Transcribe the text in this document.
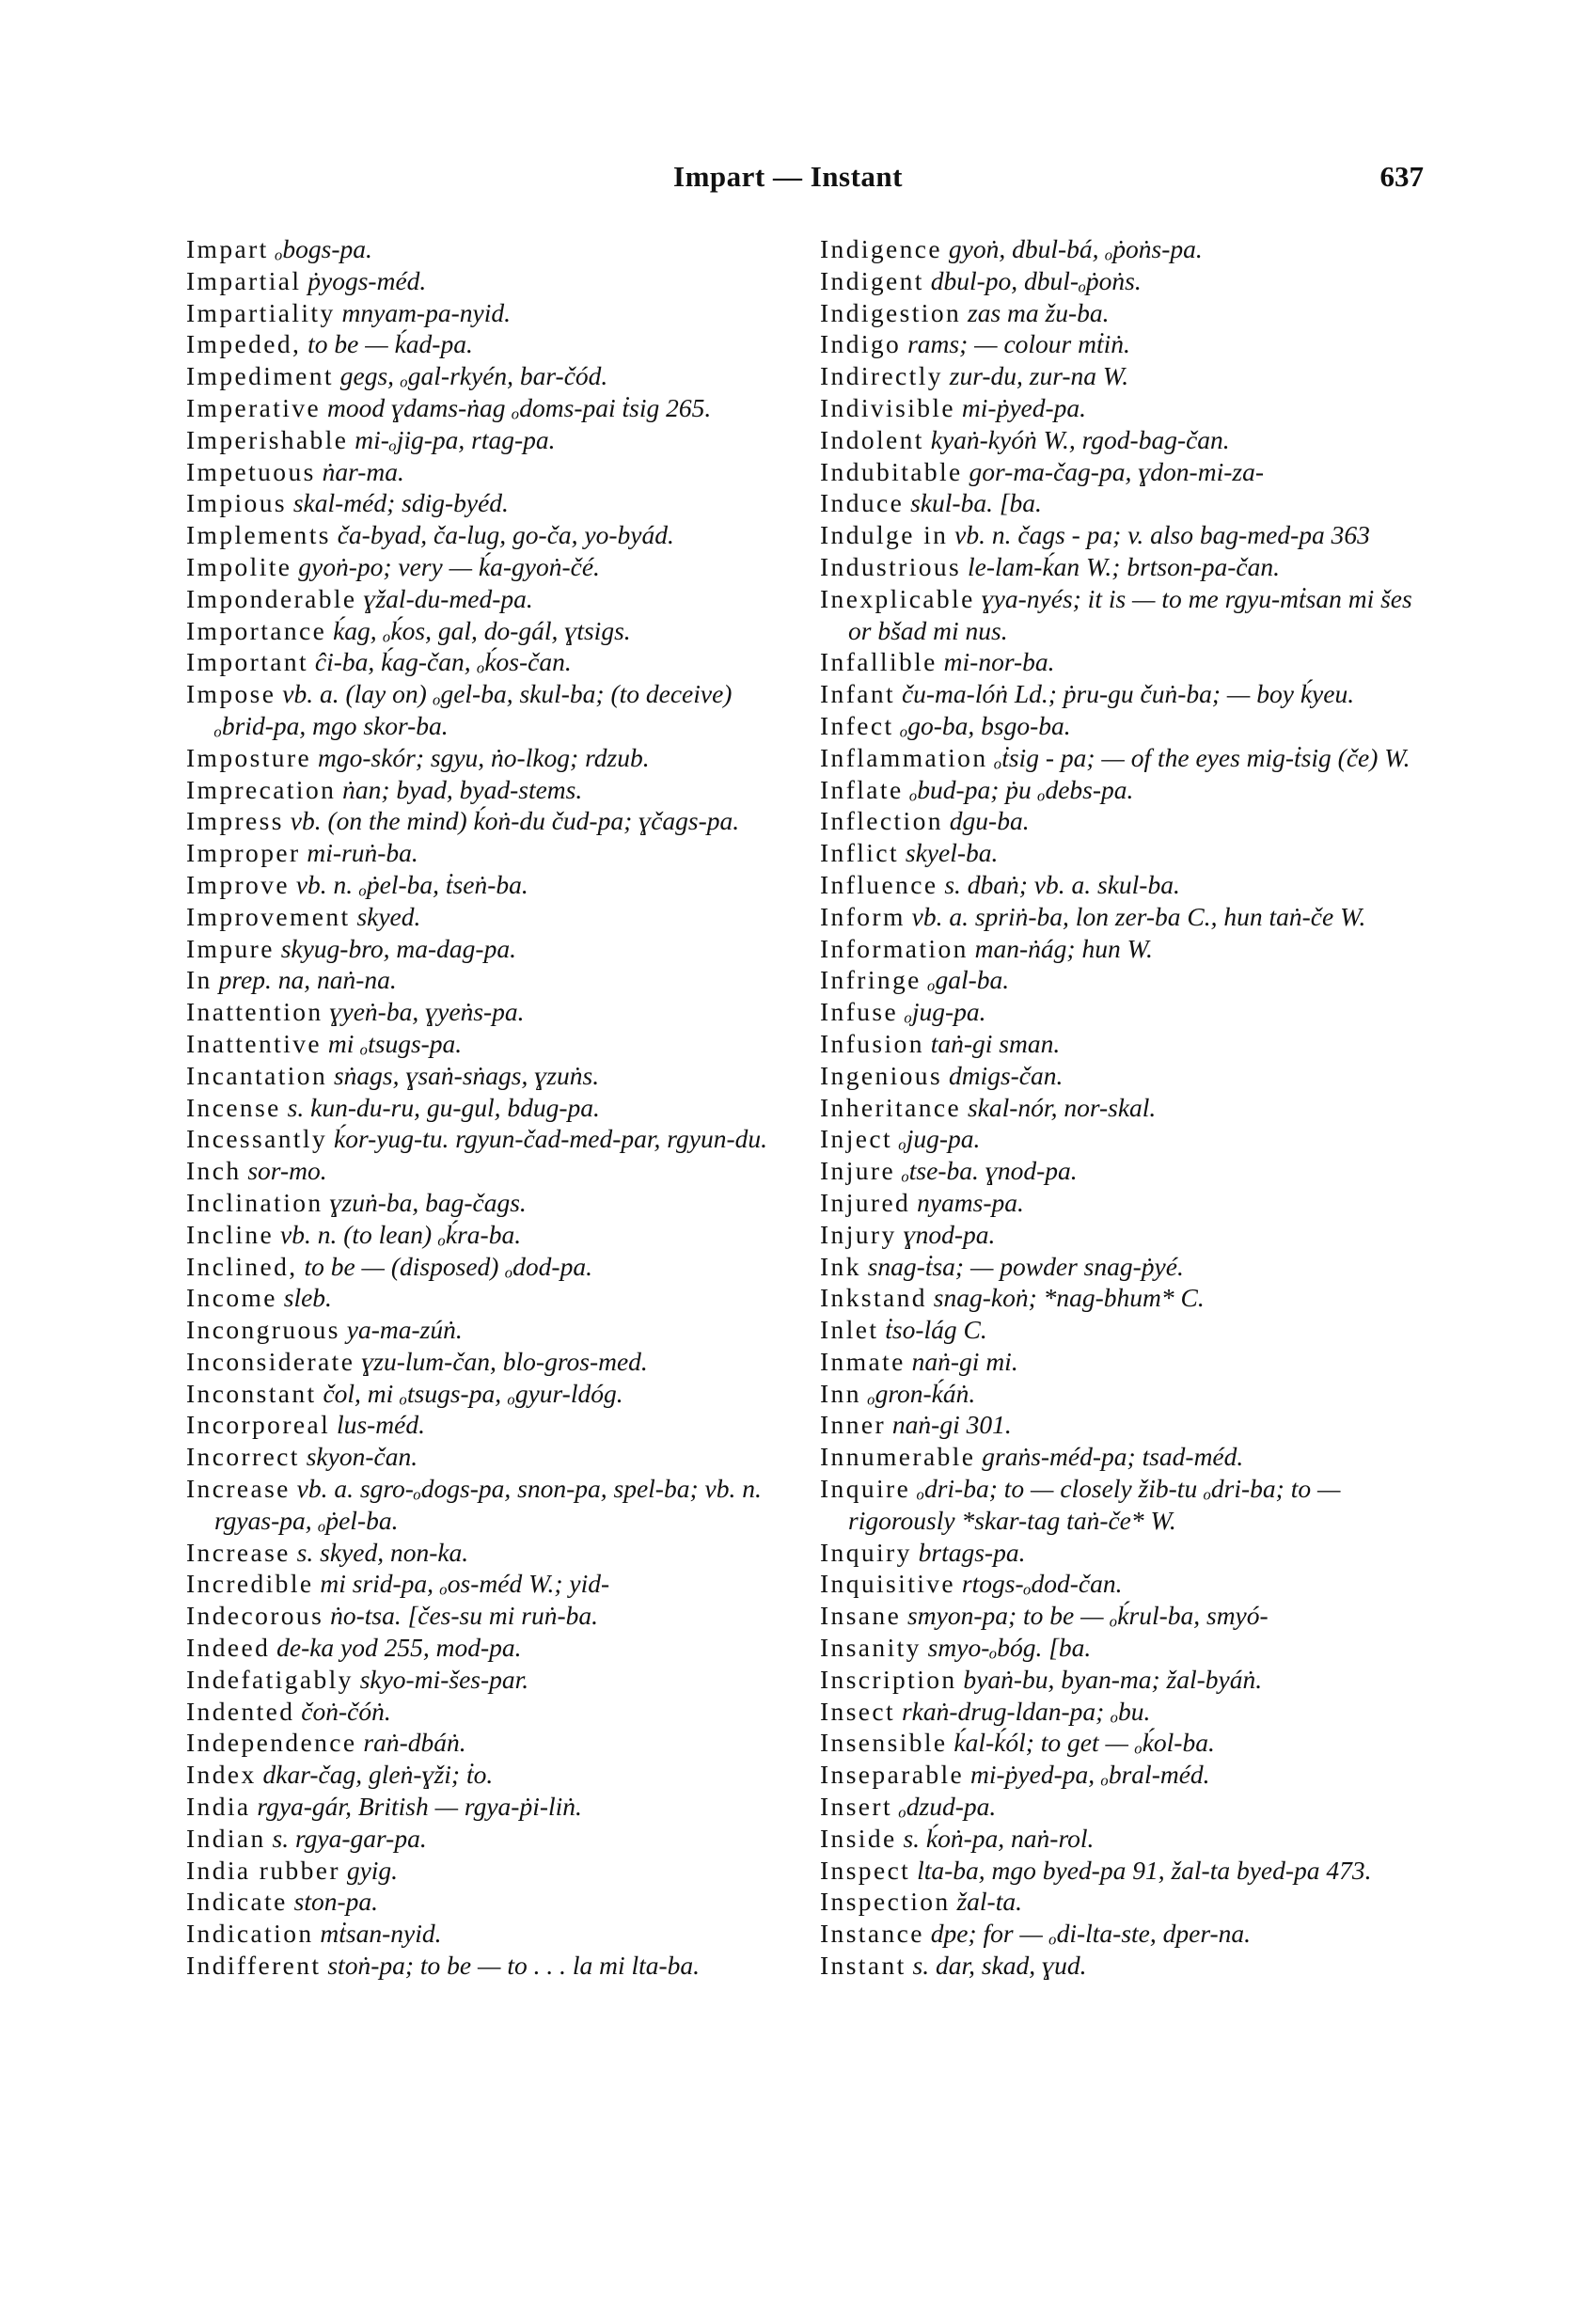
Impart — Instant	637

Impart ₒbogs-pa.

Impartial ṗyogs-méd.

Impartiality mnyam-pa-nyid.

Impeded, to be — ḱad-pa.

Impediment gegs, ₒgal-rkyén, bar-čód.

Imperative mood ɣdams-ṅag ₒdoms-pai ṫsig 265.

Imperishable mi-ₒjig-pa, rtag-pa.

Impetuous ṅar-ma.

Impious skal-méd; sdig-byéd.

Implements ča-byad, ča-lug, go-ča, yo-byád.

Impolite gyoṅ-po; very — ḱa-gyoṅ-čé.

Imponderable ɣžal-du-med-pa.

Importance ḱag, ₒḱos, gal, do-gál, ɣtsigs.

Important ĉi-ba, ḱag-čan, ₒḱos-čan.

Impose vb. a. (lay on) ₒgel-ba, skul-ba; (to deceive) ₒbrid-pa, mgo skor-ba.

Imposture mgo-skór; sgyu, ṅo-lkog; rdzub.

Imprecation ṅan; byad, byad-stems.

Impress vb. (on the mind) ḱoṅ-du čud-pa; ɣčags-pa.

Improper mi-ruṅ-ba.

Improve vb. n. ₒṗel-ba, ṫseṅ-ba.

Improvement skyed.

Impure skyug-bro, ma-dag-pa.

In prep. na, naṅ-na.

Inattention ɣyeṅ-ba, ɣyeṅs-pa.

Inattentive mi ₒtsugs-pa.

Incantation sṅags, ɣsaṅ-sṅags, ɣzuṅs.

Incense s. kun-du-ru, gu-gul, bdug-pa.

Incessantly ḱor-yug-tu. rgyun-čad-med-par, rgyun-du.

Inch sor-mo.

Inclination ɣzuṅ-ba, bag-čags.

Incline vb. n. (to lean) ₒḱra-ba.

Inclined, to be — (disposed) ₒdod-pa.

Income sleb.

Incongruous ya-ma-zúṅ.

Inconsiderate ɣzu-lum-čan, blo-gros-med.

Inconstant čol, mi ₒtsugs-pa, ₒgyur-ldóg.

Incorporeal lus-méd.

Incorrect skyon-čan.

Increase vb. a. sgro-ₒdogs-pa, snon-pa, spel-ba; vb. n. rgyas-pa, ₒṗel-ba.

Increase s. skyed, non-ka.

Incredible mi srid-pa, ₒos-méd W.; yid-

Indecorous ṅo-tsa. [čes-su mi ruṅ-ba.

Indeed de-ka yod 255, mod-pa.

Indefatigably skyo-mi-šes-par.

Indented čoṅ-čóṅ.

Independence raṅ-dbáṅ.

Index dkar-čag, gleṅ-ɣži; ṫo.

India rgya-gár, British — rgya-ṗi-liṅ.

Indian s. rgya-gar-pa.

India rubber gyig.

Indicate ston-pa.

Indication mṫsan-nyid.

Indifferent stoṅ-pa; to be — to . . . la mi lta-ba.

Indigence gyoṅ, dbul-bá, ₒṗoṅs-pa.

Indigent dbul-po, dbul-ₒṗoṅs.

Indigestion zas ma žu-ba.

Indigo rams; — colour mṫiṅ.

Indirectly zur-du, zur-na W.

Indivisible mi-ṗyed-pa.

Indolent kyaṅ-kyóṅ W., rgod-bag-čan.

Indubitable gor-ma-čag-pa, ɣdon-mi-za-

Induce skul-ba. [ba.

Indulge in vb. n. čags - pa; v. also bag-med-pa 363

Industrious le-lam-ḱan W.; brtson-pa-čan.

Inexplicable ɣya-nyés; it is — to me rgyu-mṫsan mi šes or bšad mi nus.

Infallible mi-nor-ba.

Infant ču-ma-lóṅ Ld.; ṗru-gu čuṅ-ba; — boy ḱyeu.

Infect ₒgo-ba, bsgo-ba.

Inflammation ₒṫsig - pa; — of the eyes mig-ṫsig (če) W.

Inflate ₒbud-pa; ṗu ₒdebs-pa.

Inflection dgu-ba.

Inflict skyel-ba.

Influence s. dbaṅ; vb. a. skul-ba.

Inform vb. a. spriṅ-ba, lon zer-ba C., hun taṅ-če W.

Information man-ṅág; hun W.

Infringe ₒgal-ba.

Infuse ₒjug-pa.

Infusion taṅ-gi sman.

Ingenious dmigs-čan.

Inheritance skal-nór, nor-skal.

Inject ₒjug-pa.

Injure ₒtse-ba. ɣnod-pa.

Injured nyams-pa.

Injury ɣnod-pa.

Ink snag-ṫsa; — powder snag-ṗyé.

Inkstand snag-koṅ; *nag-bhum* C.

Inlet ṫso-lág C.

Inmate naṅ-gi mi.

Inn ₒgron-ḱáṅ.

Inner naṅ-gi 301.

Innumerable graṅs-méd-pa; tsad-méd.

Inquire ₒdri-ba; to — closely žib-tu ₒdri-ba; to — rigorously *skar-tag taṅ-če* W.

Inquiry brtags-pa.

Inquisitive rtogs-ₒdod-čan.

Insane smyon-pa; to be — ₒḱrul-ba, smyó-

Insanity smyo-ₒbóg. [ba.

Inscription byaṅ-bu, byan-ma; žal-byáṅ.

Insect rkaṅ-drug-ldan-pa; ₒbu.

Insensible ḱal-ḱól; to get — ₒḱol-ba.

Inseparable mi-ṗyed-pa, ₒbral-méd.

Insert ₒdzud-pa.

Inside s. ḱoṅ-pa, naṅ-rol.

Inspect lta-ba, mgo byed-pa 91, žal-ta byed-pa 473.

Inspection žal-ta.

Instance dpe; for — ₒdi-lta-ste, dper-na.

Instant s. dar, skad, ɣud.
